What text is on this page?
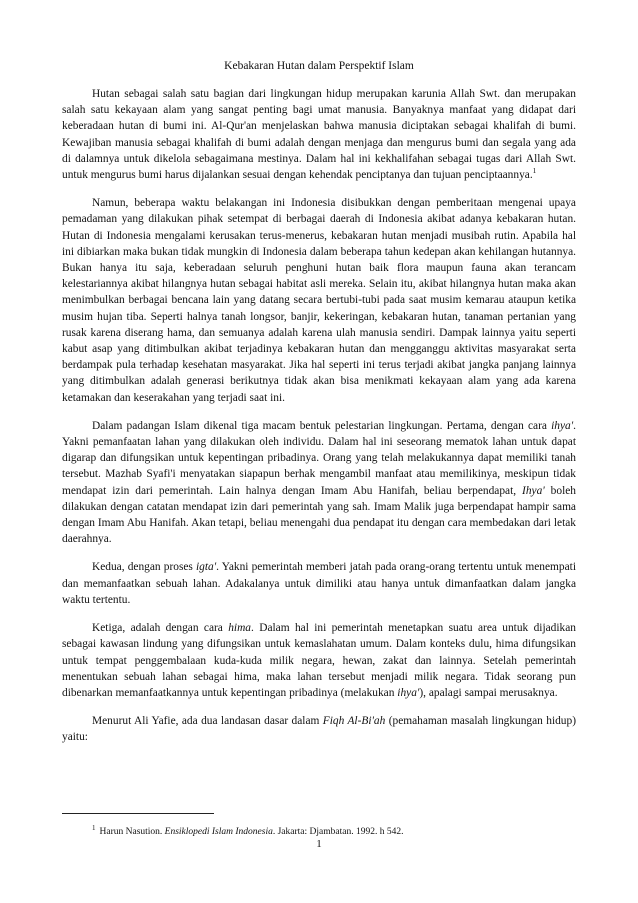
Kebakaran Hutan dalam Perspektif Islam

Hutan sebagai salah satu bagian dari lingkungan hidup merupakan karunia Allah Swt. dan merupakan salah satu kekayaan alam yang sangat penting bagi umat manusia. Banyaknya manfaat yang didapat dari keberadaan hutan di bumi ini. Al-Qur'an menjelaskan bahwa manusia diciptakan sebagai khalifah di bumi. Kewajiban manusia sebagai khalifah di bumi adalah dengan menjaga dan mengurus bumi dan segala yang ada di dalamnya untuk dikelola sebagaimana mestinya. Dalam hal ini kekhalifahan sebagai tugas dari Allah Swt. untuk mengurus bumi harus dijalankan sesuai dengan kehendak penciptanya dan tujuan penciptaannya.$^1$

Namun, beberapa waktu belakangan ini Indonesia disibukkan dengan pemberitaan mengenai upaya pemadaman yang dilakukan pihak setempat di berbagai daerah di Indonesia akibat adanya kebakaran hutan. Hutan di Indonesia mengalami kerusakan terus-menerus, kebakaran hutan menjadi musibah rutin. Apabila hal ini dibiarkan maka bukan tidak mungkin di Indonesia dalam beberapa tahun kedepan akan kehilangan hutannya. Bukan hanya itu saja, keberadaan seluruh penghuni hutan baik flora maupun fauna akan terancam kelestariannya akibat hilangnya hutan sebagai habitat asli mereka. Selain itu, akibat hilangnya hutan maka akan menimbulkan berbagai bencana lain yang datang secara bertubi-tubi pada saat musim kemarau ataupun ketika musim hujan tiba. Seperti halnya tanah longsor, banjir, kekeringan, kebakaran hutan, tanaman pertanian yang rusak karena diserang hama, dan semuanya adalah karena ulah manusia sendiri. Dampak lainnya yaitu seperti kabut asap yang ditimbulkan akibat terjadinya kebakaran hutan dan mengganggu aktivitas masyarakat serta berdampak pula terhadap kesehatan masyarakat. Jika hal seperti ini terus terjadi akibat jangka panjang lainnya yang ditimbulkan adalah generasi berikutnya tidak akan bisa menikmati kekayaan alam yang ada karena ketamakan dan keserakahan yang terjadi saat ini.

Dalam padangan Islam dikenal tiga macam bentuk pelestarian lingkungan. Pertama, dengan cara ihya'. Yakni pemanfaatan lahan yang dilakukan oleh individu. Dalam hal ini seseorang mematok lahan untuk dapat digarap dan difungsikan untuk kepentingan pribadinya. Orang yang telah melakukannya dapat memiliki tanah tersebut. Mazhab Syafi'i menyatakan siapapun berhak mengambil manfaat atau memilikinya, meskipun tidak mendapat izin dari pemerintah. Lain halnya dengan Imam Abu Hanifah, beliau berpendapat, Ihya' boleh dilakukan dengan catatan mendapat izin dari pemerintah yang sah. Imam Malik juga berpendapat hampir sama dengan Imam Abu Hanifah. Akan tetapi, beliau menengahi dua pendapat itu dengan cara membedakan dari letak daerahnya.

Kedua, dengan proses igta'. Yakni pemerintah memberi jatah pada orang-orang tertentu untuk menempati dan memanfaatkan sebuah lahan. Adakalanya untuk dimiliki atau hanya untuk dimanfaatkan dalam jangka waktu tertentu.

Ketiga, adalah dengan cara hima. Dalam hal ini pemerintah menetapkan suatu area untuk dijadikan sebagai kawasan lindung yang difungsikan untuk kemaslahatan umum. Dalam konteks dulu, hima difungsikan untuk tempat penggembalaan kuda-kuda milik negara, hewan, zakat dan lainnya. Setelah pemerintah menentukan sebuah lahan sebagai hima, maka lahan tersebut menjadi milik negara. Tidak seorang pun dibenarkan memanfaatkannya untuk kepentingan pribadinya (melakukan ihya'), apalagi sampai merusaknya.

Menurut Ali Yafie, ada dua landasan dasar dalam Fiqh Al-Bi'ah (pemahaman masalah lingkungan hidup) yaitu:

$^1$ Harun Nasution. Ensiklopedi Islam Indonesia. Jakarta: Djambatan. 1992. h 542.
1
